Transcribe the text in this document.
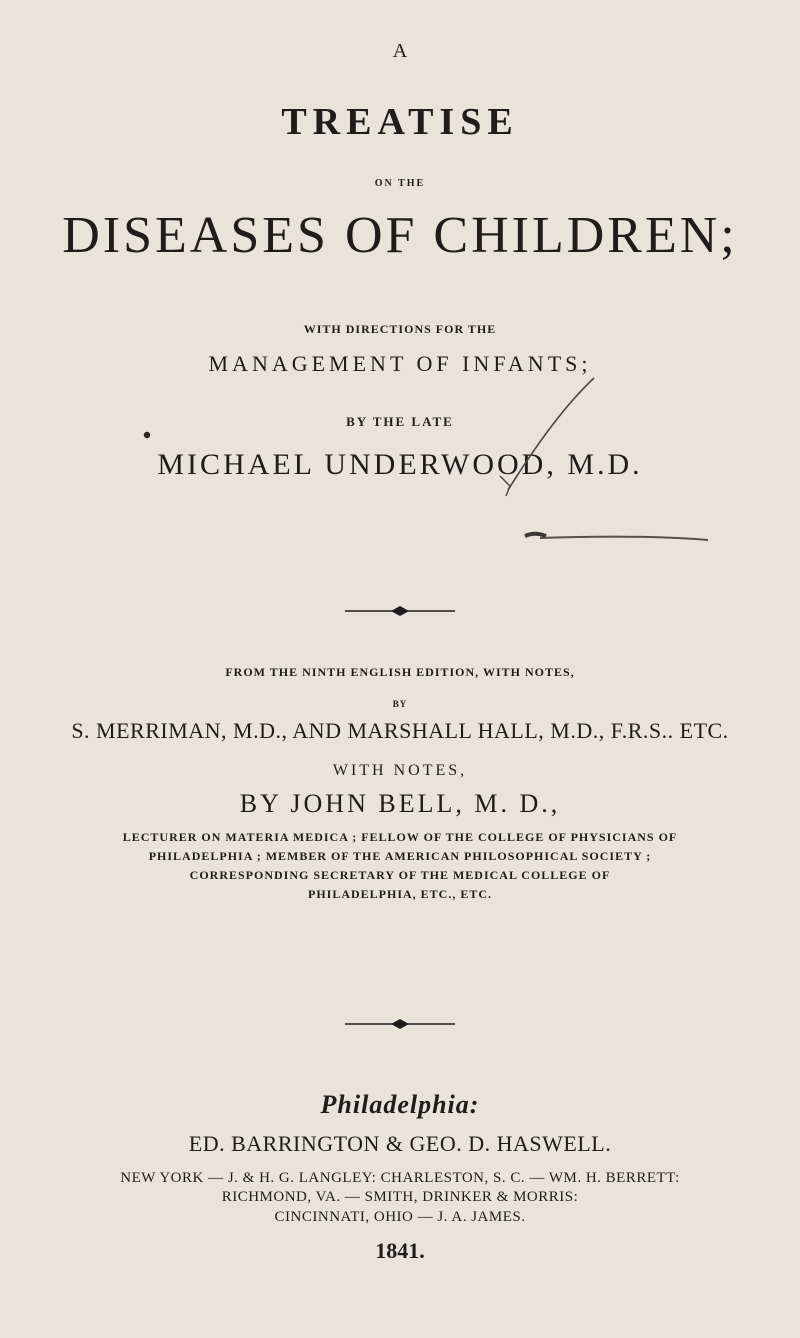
A
TREATISE
ON THE
DISEASES OF CHILDREN;
WITH DIRECTIONS FOR THE
MANAGEMENT OF INFANTS;
BY THE LATE
MICHAEL UNDERWOOD, M.D.
FROM THE NINTH ENGLISH EDITION, WITH NOTES,
BY
S. MERRIMAN, M.D., AND MARSHALL HALL, M.D., F.R.S.. ETC.
WITH NOTES,
BY JOHN BELL, M. D.,
LECTURER ON MATERIA MEDICA ; FELLOW OF THE COLLEGE OF PHYSICIANS OF
PHILADELPHIA ; MEMBER OF THE AMERICAN PHILOSOPHICAL SOCIETY ;
CORRESPONDING SECRETARY OF THE MEDICAL COLLEGE OF
PHILADELPHIA, ETC., ETC.
Philadelphia:
ED. BARRINGTON & GEO. D. HASWELL.
NEW YORK — J. & H. G. LANGLEY: CHARLESTON, S. C. — WM. H. BERRETT:
RICHMOND, VA. — SMITH, DRINKER & MORRIS:
CINCINNATI, OHIO — J. A. JAMES.
1841.
